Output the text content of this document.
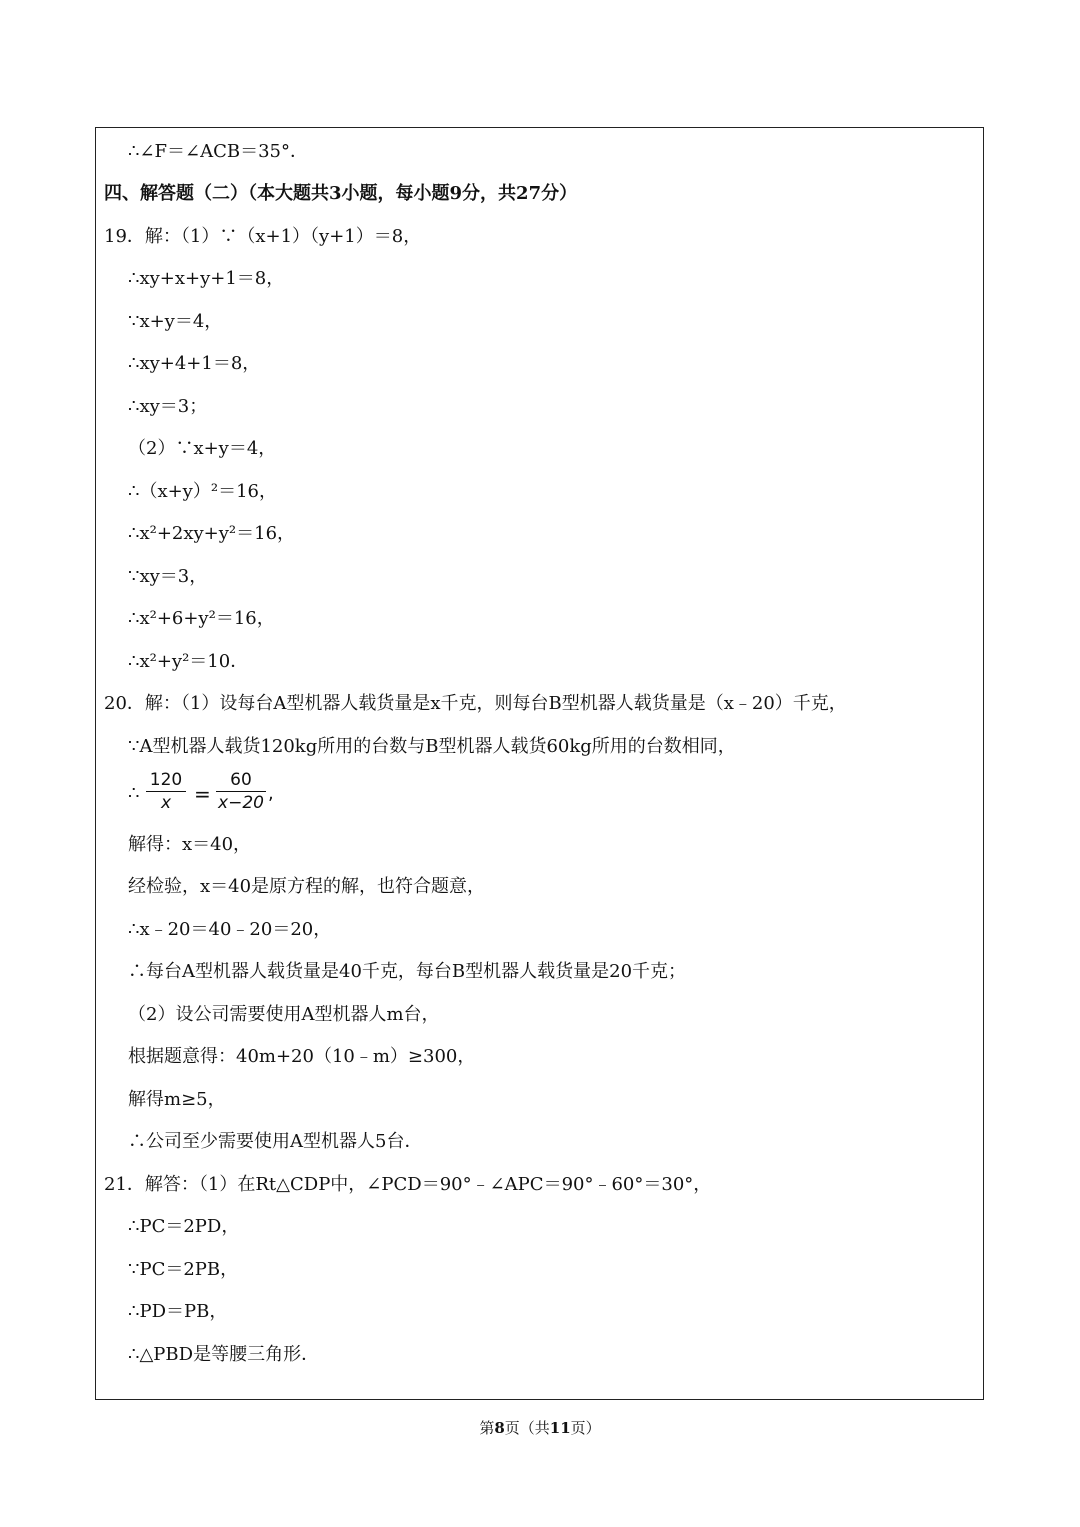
∴∠F＝∠ACB＝35°．
四、解答题（二）（本大题共3小题，每小题9分，共27分）
19．解：（1）∵（x+1）（y+1）＝8，
∴xy+x+y+1＝8，
∵x+y＝4，
∴xy+4+1＝8，
∴xy＝3；
（2）∵x+y＝4，
∴（x+y）²＝16，
∴x²+2xy+y²＝16，
∵xy＝3，
∴x²+6+y²＝16，
∴x²+y²＝10．
20．解：（1）设每台A型机器人载货量是x千克，则每台B型机器人载货量是（x﹣20）千克，
∵A型机器人载货120kg所用的台数与B型机器人载货60kg所用的台数相同，
∴
120
x	=
60
x−20 ,
解得：x＝40，
经检验，x＝40是原方程的解，也符合题意，
∴x﹣20＝40﹣20＝20，
∴每台A型机器人载货量是40千克，每台B型机器人载货量是20千克；
（2）设公司需要使用A型机器人m台，
根据题意得：40m+20（10﹣m）≥300，
解得m≥5，
∴公司至少需要使用A型机器人5台．
21．解答：（1）在Rt△CDP中，∠PCD＝90°﹣∠APC＝90°﹣60°＝30°，
∴PC＝2PD，
∵PC＝2PB，
∴PD＝PB，
∴△PBD是等腰三角形．
第8页（共11页）
